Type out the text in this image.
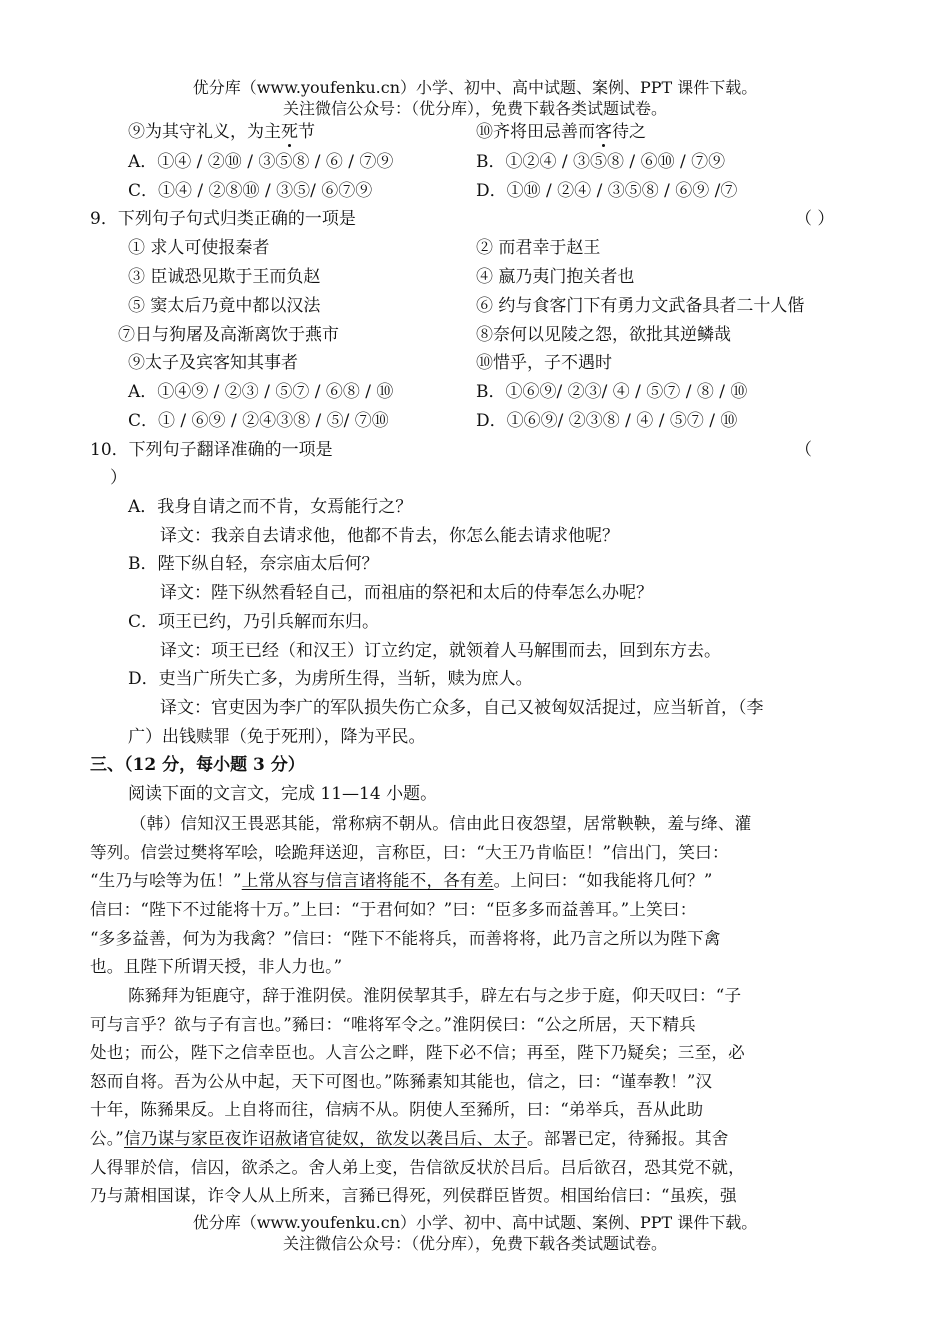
优分库（www.youfenku.cn）小学、初中、高中试题、案例、PPT 课件下载。
关注微信公众号：（优分库），免费下载各类试题试卷。
⑨为其守礼义，为主死节	⑩齐将田忌善而客待之
A．①④ / ②⑩ / ③⑤⑧ / ⑥ / ⑦⑨	B．①②④ / ③⑤⑧ / ⑥⑩ / ⑦⑨
C．①④ / ②⑧⑩ / ③⑤/ ⑥⑦⑨	D．①⑩ / ②④ / ③⑤⑧ / ⑥⑨ /⑦
9．下列句子句式归类正确的一项是	（ ）
① 求人可使报秦者	② 而君幸于赵王
③ 臣诚恐见欺于王而负赵	④ 嬴乃夷门抱关者也
⑤ 窦太后乃竟中都以汉法	⑥ 约与食客门下有勇力文武备具者二十人偕
⑦日与狗屠及高渐离饮于燕市	⑧奈何以见陵之怨，欲批其逆鳞哉
⑨太子及宾客知其事者	⑩惜乎，子不遇时
A．①④⑨ / ②③ / ⑤⑦ / ⑥⑧ / ⑩	B．①⑥⑨/ ②③/ ④ / ⑤⑦ / ⑧ / ⑩
C．① / ⑥⑨ / ②④③⑧ / ⑤/ ⑦⑩	D．①⑥⑨/ ②③⑧ / ④ / ⑤⑦ / ⑩
10．下列句子翻译准确的一项是	（
）
A．我身自请之而不肯，女焉能行之？
译文：我亲自去请求他，他都不肯去，你怎么能去请求他呢？
B．陛下纵自轻，奈宗庙太后何？
译文：陛下纵然看轻自己，而祖庙的祭祀和太后的侍奉怎么办呢？
C．项王已约，乃引兵解而东归。
译文：项王已经（和汉王）订立约定，就领着人马解围而去，回到东方去。
D．吏当广所失亡多，为虏所生得，当斩，赎为庶人。
译文：官吏因为李广的军队损失伤亡众多，自己又被匈奴活捉过，应当斩首，（李
广）出钱赎罪（免于死刑），降为平民。
三、（12 分，每小题 3 分）
阅读下面的文言文，完成 11—14 小题。
（韩）信知汉王畏恶其能，常称病不朝从。信由此日夜怨望，居常鞅鞅，羞与绛、灌
等列。信尝过樊将军哙，哙跪拜送迎，言称臣，曰：“大王乃肯临臣！”信出门，笑曰：
“生乃与哙等为伍！”上常从容与信言诸将能不，各有差。上问曰：“如我能将几何？”
信曰：“陛下不过能将十万。”上曰：“于君何如？”曰：“臣多多而益善耳。”上笑曰：
“多多益善，何为为我禽？”信曰：“陛下不能将兵，而善将将，此乃言之所以为陛下禽
也。且陛下所谓天授，非人力也。”
陈豨拜为钜鹿守，辞于淮阴侯。淮阴侯挈其手，辟左右与之步于庭，仰天叹曰：“子
可与言乎？欲与子有言也。”豨曰：“唯将军令之。”淮阴侯曰：“公之所居，天下精兵
处也；而公，陛下之信幸臣也。人言公之畔，陛下必不信；再至，陛下乃疑矣；三至，必
怒而自将。吾为公从中起，天下可图也。”陈豨素知其能也，信之，曰：“谨奉教！”汉
十年，陈豨果反。上自将而往，信病不从。阴使人至豨所，曰：“弟举兵，吾从此助
公。”信乃谋与家臣夜诈诏赦诸官徒奴，欲发以袭吕后、太子。部署已定，待豨报。其舍
人得罪於信，信囚，欲杀之。舍人弟上变，告信欲反状於吕后。吕后欲召，恐其党不就，
乃与萧相国谋，诈令人从上所来，言豨已得死，列侯群臣皆贺。相国绐信曰：“虽疾，强
优分库（www.youfenku.cn）小学、初中、高中试题、案例、PPT 课件下载。
关注微信公众号：（优分库），免费下载各类试题试卷。
